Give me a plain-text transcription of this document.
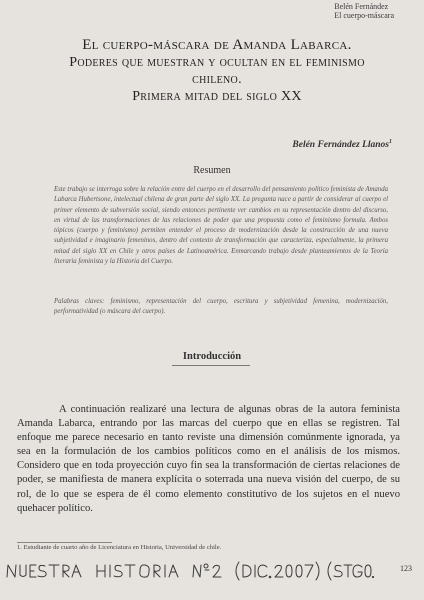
Belén Fernández
El cuerpo-máscara
El cuerpo-máscara de Amanda Labarca.
Poderes que muestran y ocultan en el feminismo
chileno.
Primera mitad del siglo XX
Belén Fernández Llanos$^1$
Resumen
Este trabajo se interroga sobre la relación entre del cuerpo en el desarrollo del pensamiento político feminista de Amanda Labarca Hubertsone, intelectual chilena de gran parte del siglo XX. La pregunta nace a partir de considerar al cuerpo el primer elemento de subversión social, siendo entonces pertinente ver cambios en su representación dentro del discurso, en virtud de las transformaciones de las relaciones de poder que una propuesta como el feminismo formula. Ambos tópicos (cuerpo y feminismo) permiten entender el proceso de modernización desde la construcción de una nueva subjetividad e imaginario femeninos, dentro del contexto de transformación que caracteriza, especialmente, la primera mitad del siglo XX en Chile y otros países de Latinoamérica. Enmarcando trabajo desde planteamientos de la Teoría literaria feminista y la Historia del Cuerpo.
Palabras claves: feminismo, representación del cuerpo, escritura y subjetividad femenina, modernización, performatividad (o máscara del cuerpo).
Introducción
A continuación realizaré una lectura de algunas obras de la autora feminista Amanda Labarca, entrando por las marcas del cuerpo que en ellas se registren. Tal enfoque me parece necesario en tanto reviste una dimensión comúnmente ignorada, ya sea en la formulación de los cambios políticos como en el análisis de los mismos. Considero que en toda proyección cuyo fin sea la transformación de ciertas relaciones de poder, se manifiesta de manera explícita o soterrada una nueva visión del cuerpo, de su rol, de lo que se espera de él como elemento constitutivo de los sujetos en el nuevo quehacer político.
1. Estudiante de cuarto año de Licenciatura en Historia, Universidad de chile.
123
